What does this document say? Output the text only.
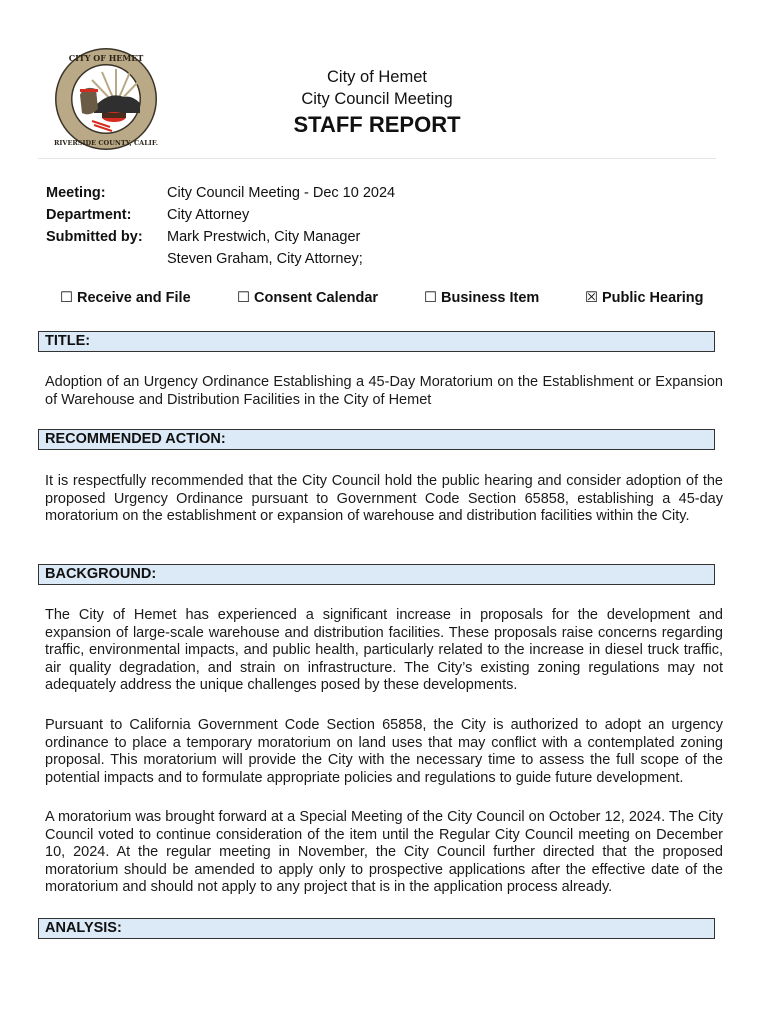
CITY OF HEMET
RIVERSIDE COUNTY, CALIF.
City of Hemet
City Council Meeting
STAFF REPORT
Meeting:	City Council Meeting - Dec 10 2024
Department:	City Attorney
Submitted by:	Mark Prestwich, City Manager
Steven Graham, City Attorney;
☐ Receive and File	☐ Consent Calendar	☐ Business Item	☒ Public Hearing
TITLE:
Adoption of an Urgency Ordinance Establishing a 45-Day Moratorium on the Establishment or Expansion of Warehouse and Distribution Facilities in the City of Hemet
RECOMMENDED ACTION:
It is respectfully recommended that the City Council hold the public hearing and consider adoption of the proposed Urgency Ordinance pursuant to Government Code Section 65858, establishing a 45-day moratorium on the establishment or expansion of warehouse and distribution facilities within the City.
BACKGROUND:
The City of Hemet has experienced a significant increase in proposals for the development and expansion of large-scale warehouse and distribution facilities. These proposals raise concerns regarding traffic, environmental impacts, and public health, particularly related to the increase in diesel truck traffic, air quality degradation, and strain on infrastructure. The City’s existing zoning regulations may not adequately address the unique challenges posed by these developments.
Pursuant to California Government Code Section 65858, the City is authorized to adopt an urgency ordinance to place a temporary moratorium on land uses that may conflict with a contemplated zoning proposal. This moratorium will provide the City with the necessary time to assess the full scope of the potential impacts and to formulate appropriate policies and regulations to guide future development.
A moratorium was brought forward at a Special Meeting of the City Council on October 12, 2024. The City Council voted to continue consideration of the item until the Regular City Council meeting on December 10, 2024. At the regular meeting in November, the City Council further directed that the proposed moratorium should be amended to apply only to prospective applications after the effective date of the moratorium and should not apply to any project that is in the application process already.
ANALYSIS:
